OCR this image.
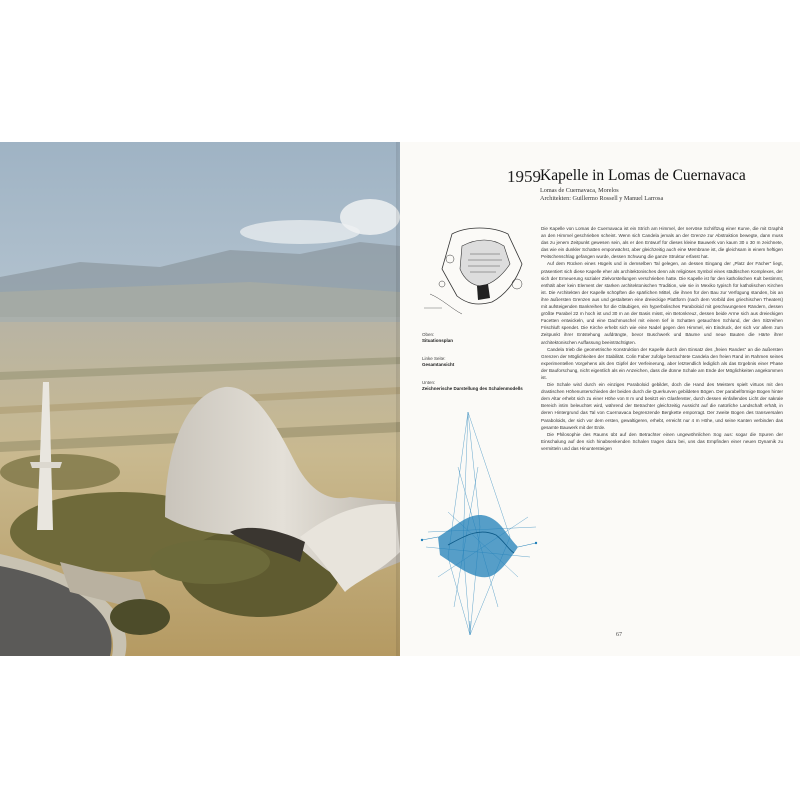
1959 Kapelle in Lomas de Cuernavaca
Lomas de Cuernavaca, Morelos
Architekten: Guillermo Rossell y Manuel Larrosa
Oben:
Situationsplan
Linke Seite:
Gesamtansicht
Unten:
Zeichnerische Darstellung des Schalenmodells

Die Kapelle von Lomas de Cuernavaca ist ein Strich am Himmel, der nervöse Schriftzug einer Kurve, die mit Graphit an den Himmel geschrieben scheint. Wenn sich Candela jemals an der Grenze zur Abstraktion bewegte, dann muss das zu jenem Zeitpunkt gewesen sein, als er den Entwurf für dieses kleine Bauwerk von kaum 30 x 30 m zeichnete, das wie ein dunkler Schatten emporwächst, aber gleichzeitig auch eine Membrane ist, die gleichsam in einem heftigen Peitschenschlag gefangen wurde, dessen Schwung die ganze Struktur erfasst hat.

Auf dem Rücken eines Hügels und in demselben Tal gelegen, an dessen Eingang der „Platz der Fächer“ liegt, präsentiert sich diese Kapelle eher als architektonisches denn als religiöses Symbol eines städtischen Komplexes, der sich der Erneuerung sozialer Zielvorstellungen verschrieben hatte. Die Kapelle ist für den katholischen Kult bestimmt, enthält aber kein Element der starken architektonischen Tradition, wie sie in Mexiko typisch für katholischen Kirchen ist. Die Architekten der Kapelle schöpften die spärlichen Mittel, die ihnen für den Bau zur Verfügung standen, bis an ihre äußersten Grenzen aus und gestalteten eine dreieckige Plattform (nach dem Vorbild des griechischen Theaters) mit aufsteigenden Bankreihen für die Gläubigen, ein hyperbolisches Paraboloid mit geschwungenen Rändern, dessen größte Parabel 22 m hoch ist und 30 m an der Basis misst, ein Betonkreuz, dessen beide Arme sich aus dreieckigen Facetten entwickeln, und eine Dachmuschel mit einem tief in Schatten getauchten Schlund, der den Sitzreihen Frischluft spendet. Die Kirche erhebt sich wie eine Nadel gegen den Himmel, ein Eindruck, der sich vor allem zum Zeitpunkt ihrer Entstehung aufdrängte, bevor Buschwerk und Bäume und neue Bauten die Härte ihrer architektonischen Auffassung beeinträchtigten.

Candela trieb die geometrische Konstruktion der Kapelle durch den Einsatz des „freien Randes“ an die äußersten Grenzen der Möglichkeiten der Stabilität. Colin Faber zufolge betrachtete Candela den freien Rand im Rahmen seines experimentellen Vorgehens als den Gipfel der Verfeinerung, aber letztendlich lediglich als das Ergebnis einer Phase der Bauforschung, nicht eigentlich als ein Anzeichen, dass die dünne Schale am Ende der Möglichkeiten angekommen ist.

Die Schale wird durch ein einziges Paraboloid gebildet, doch die Hand des Meisters spielt virtuos mit den drastischen Höhenunterschieden der beiden durch die Querkurven gebildeten Bögen. Der parabelförmige Bogen hinter dem Altar erhebt sich zu einer Höhe von 8 m und besitzt ein Glasfenster, durch dessen einfallendes Licht der sakrale Bereich intim beleuchtet wird, während der Betrachter gleichzeitig Aussicht auf die natürliche Landschaft erhält, in deren Hintergrund das Tal von Cuernavaca begrenzende Bergkette emporragt. Der zweite Bogen des transversalen Paraboloids, der sich vor dem ersten, gewaltigeren, erhebt, erreicht nur 4 m Höhe, und seine Kanten verbinden das gesamte Bauwerk mit der Erde.

Die Philosophie des Raums übt auf den Betrachter einen ungewöhnlichen Sog aus: sogar die Spuren der Einschalung auf den sich hinabsenkenden Schalen tragen dazu bei, uns das Empfinden einer neuen Dynamik zu vermitteln und das Hinuntersteigen

67
